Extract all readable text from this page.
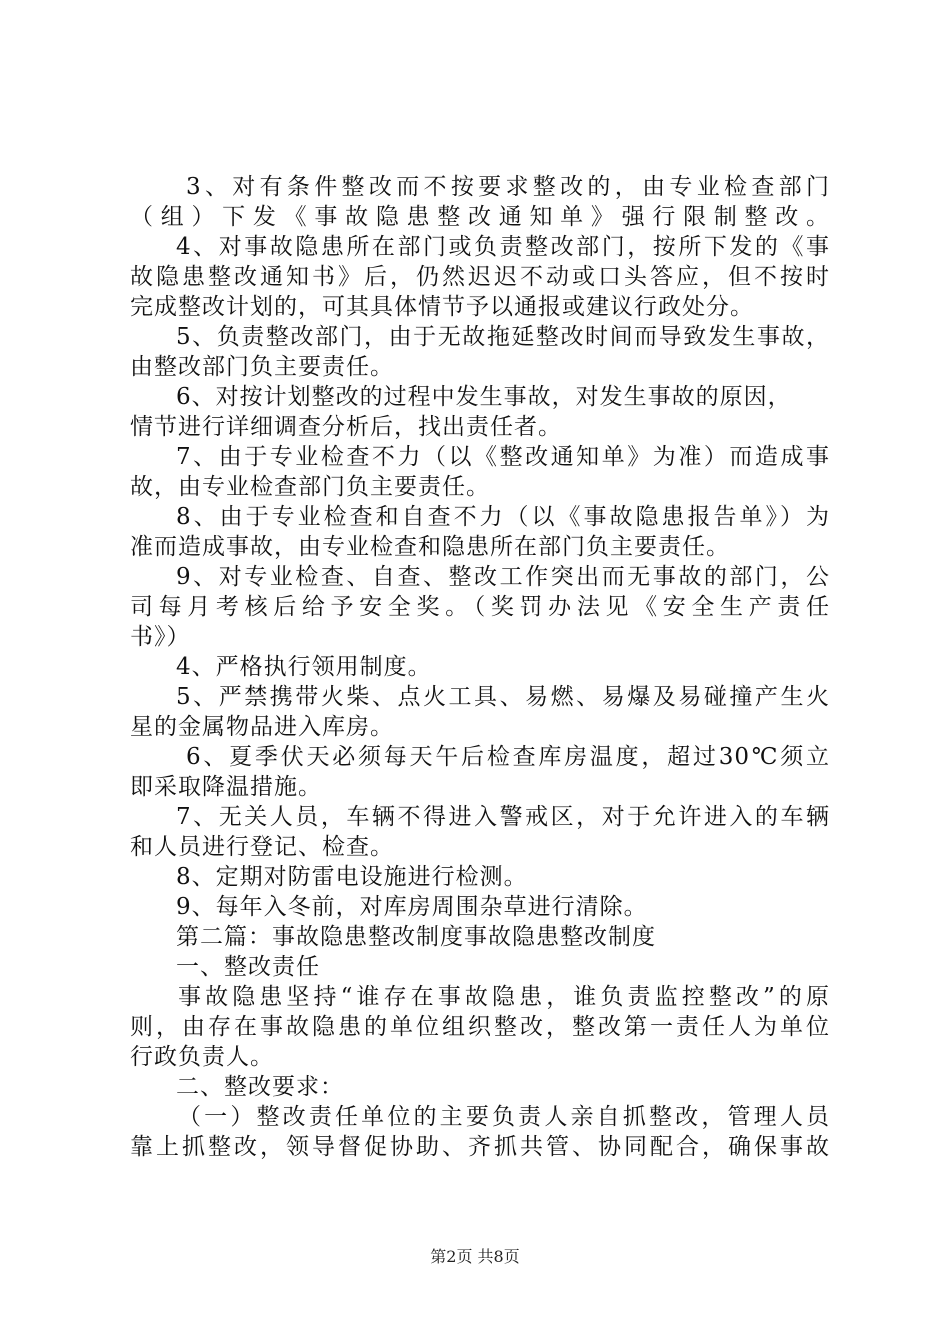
3、对有条件整改而不按要求整改的，由专业检查部门
（组）下发《事故隐患整改通知单》强行限制整改。
4、对事故隐患所在部门或负责整改部门，按所下发的《事
故隐患整改通知书》后，仍然迟迟不动或口头答应，但不按时
完成整改计划的，可其具体情节予以通报或建议行政处分。
5、负责整改部门，由于无故拖延整改时间而导致发生事故，
由整改部门负主要责任。
6、对按计划整改的过程中发生事故，对发生事故的原因，
情节进行详细调查分析后，找出责任者。
7、由于专业检查不力（以《整改通知单》为准）而造成事
故，由专业检查部门负主要责任。
8、由于专业检查和自查不力（以《事故隐患报告单》）为
准而造成事故，由专业检查和隐患所在部门负主要责任。
9、对专业检查、自查、整改工作突出而无事故的部门，公
司每月考核后给予安全奖。（奖罚办法见《安全生产责任
书》）
4、严格执行领用制度。
5、严禁携带火柴、点火工具、易燃、易爆及易碰撞产生火
星的金属物品进入库房。
6、夏季伏天必须每天午后检查库房温度，超过30℃须立
即采取降温措施。
7、无关人员，车辆不得进入警戒区，对于允许进入的车辆
和人员进行登记、检查。
8、定期对防雷电设施进行检测。
9、每年入冬前，对库房周围杂草进行清除。
第二篇：事故隐患整改制度事故隐患整改制度
一、整改责任
事故隐患坚持“谁存在事故隐患，谁负责监控整改”的原
则，由存在事故隐患的单位组织整改，整改第一责任人为单位
行政负责人。
二、整改要求：
（一）整改责任单位的主要负责人亲自抓整改，管理人员
靠上抓整改，领导督促协助、齐抓共管、协同配合，确保事故
第2页 共8页
